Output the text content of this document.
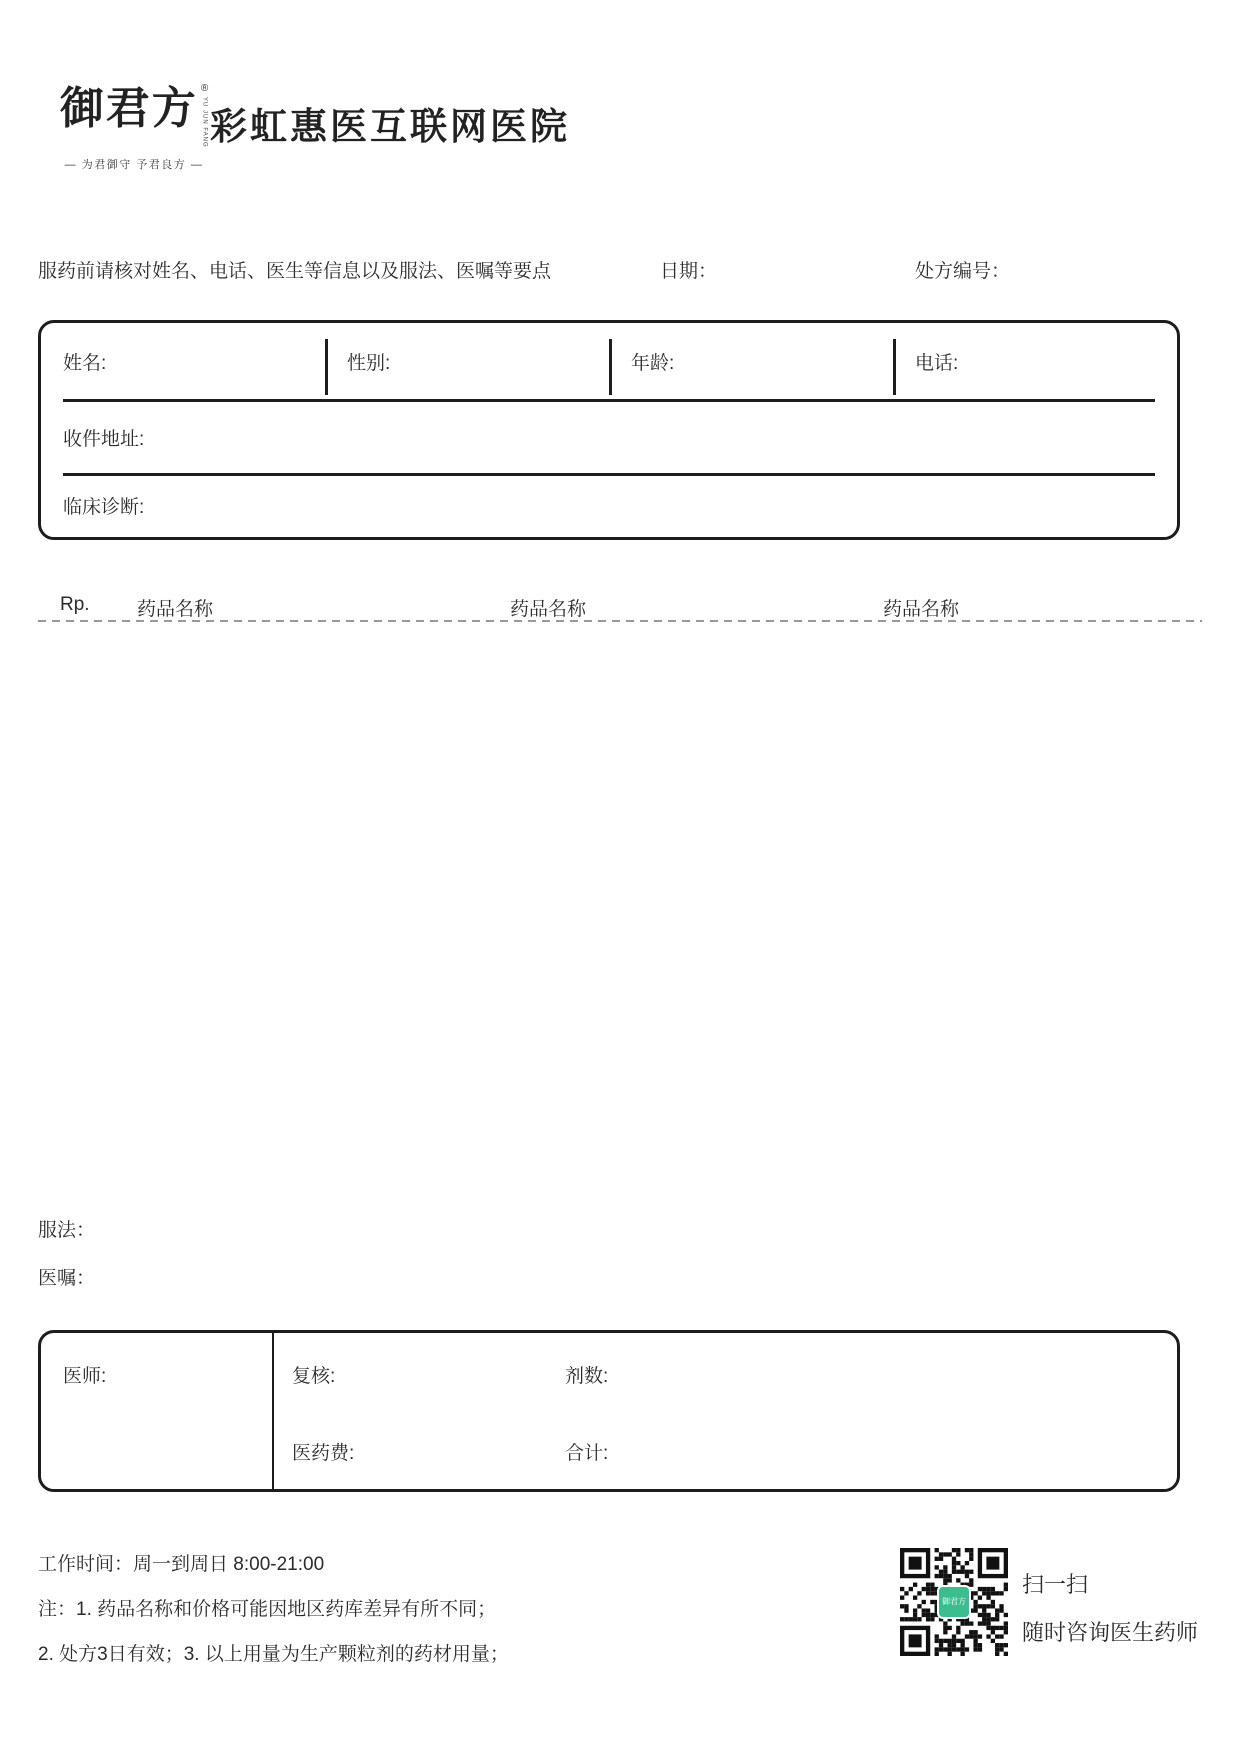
御君方 ®
YU JUN FANG
— 为君御守 予君良方 —
彩虹惠医互联网医院
服药前请核对姓名、电话、医生等信息以及服法、医嘱等要点	日期：	处方编号：
姓名:	性别:	年龄:	电话:
收件地址:
临床诊断:
Rp. 药品名称	药品名称	药品名称
服法：
医嘱：
医师:	复核:	剂数:
医药费:	合计:
工作时间：周一到周日 8:00-21:00
注：1. 药品名称和价格可能因地区药库差异有所不同；
2. 处方3日有效；3. 以上用量为生产颗粒剂的药材用量；
御君方
扫一扫
随时咨询医生药师
